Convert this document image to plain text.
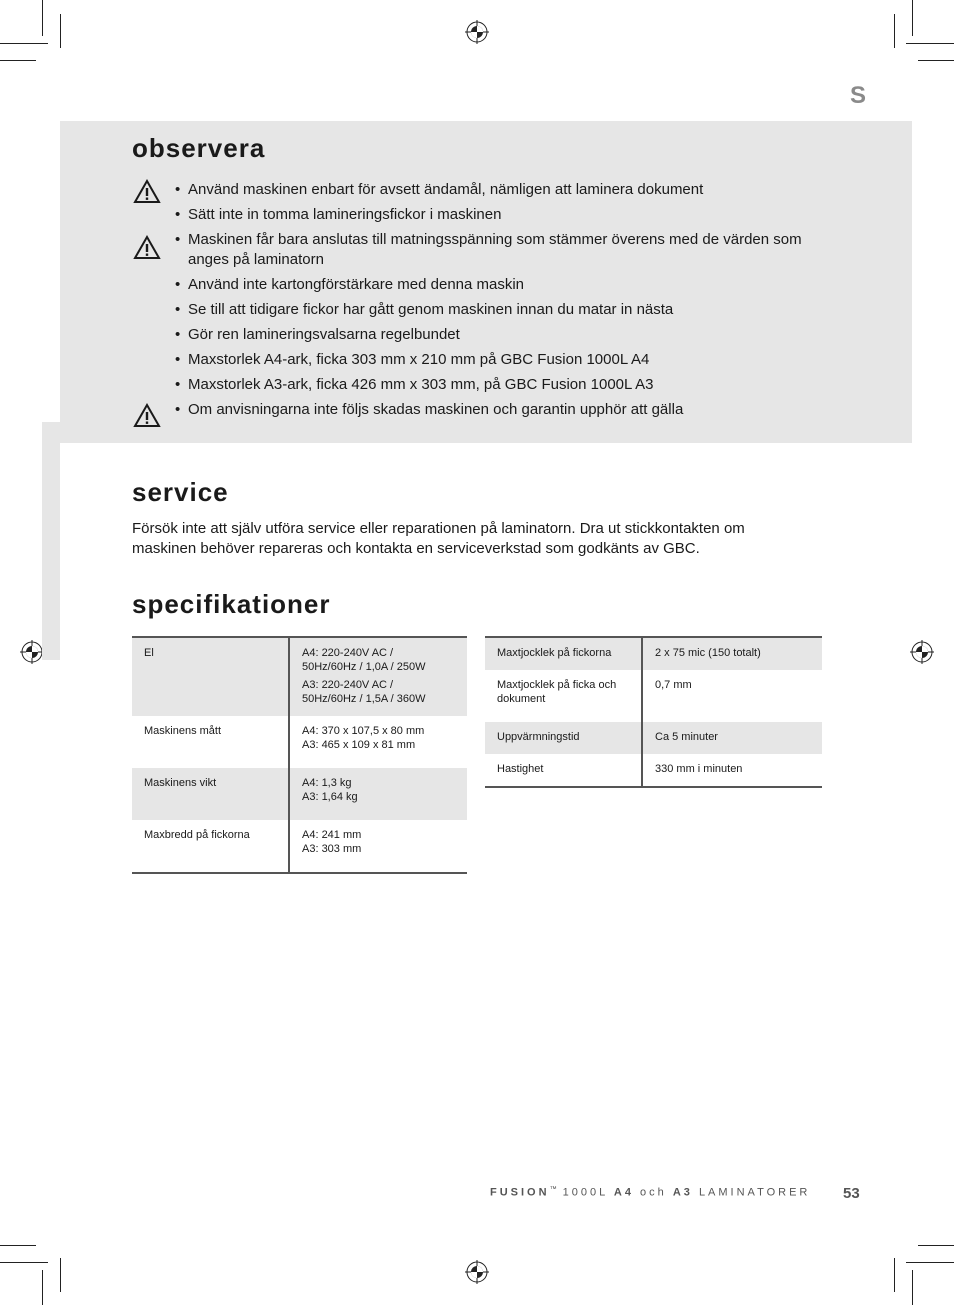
S
observera
• Använd maskinen enbart för avsett ändamål, nämligen att laminera dokument
• Sätt inte in tomma lamineringsfickor i maskinen
• Maskinen får bara anslutas till matningsspänning som stämmer överens med de värden som anges på laminatorn
• Använd inte kartongförstärkare med denna maskin
• Se till att tidigare fickor har gått genom maskinen innan du matar in nästa
• Gör ren lamineringsvalsarna regelbundet
• Maxstorlek A4-ark, ficka 303 mm x 210 mm på GBC Fusion 1000L A4
• Maxstorlek A3-ark, ficka 426 mm x 303 mm, på GBC Fusion 1000L A3
• Om anvisningarna inte följs skadas maskinen och garantin upphör att gälla
service

Försök inte att själv utföra service eller reparationen på laminatorn. Dra ut stickkontakten om maskinen behöver repareras och kontakta en serviceverkstad som godkänts av GBC.

specifikationer
El	A4: 220-240V AC /
50Hz/60Hz / 1,0A / 250W
A3: 220-240V AC /
50Hz/60Hz / 1,5A / 360W

Maskinens mått	A4: 370 x 107,5 x 80 mm
A3: 465 x 109 x 81 mm

Maskinens vikt	A4: 1,3 kg
A3: 1,64 kg

Maxbredd på fickorna	A4: 241 mm
A3: 303 mm
Maxtjocklek på fickorna	2 x 75 mic (150 totalt)
Maxtjocklek på ficka och dokument	0,7 mm
Uppvärmningstid	Ca 5 minuter
Hastighet	330 mm i minuten
FUSION™ 1000L A4 och A3 LAMINATORER 53
